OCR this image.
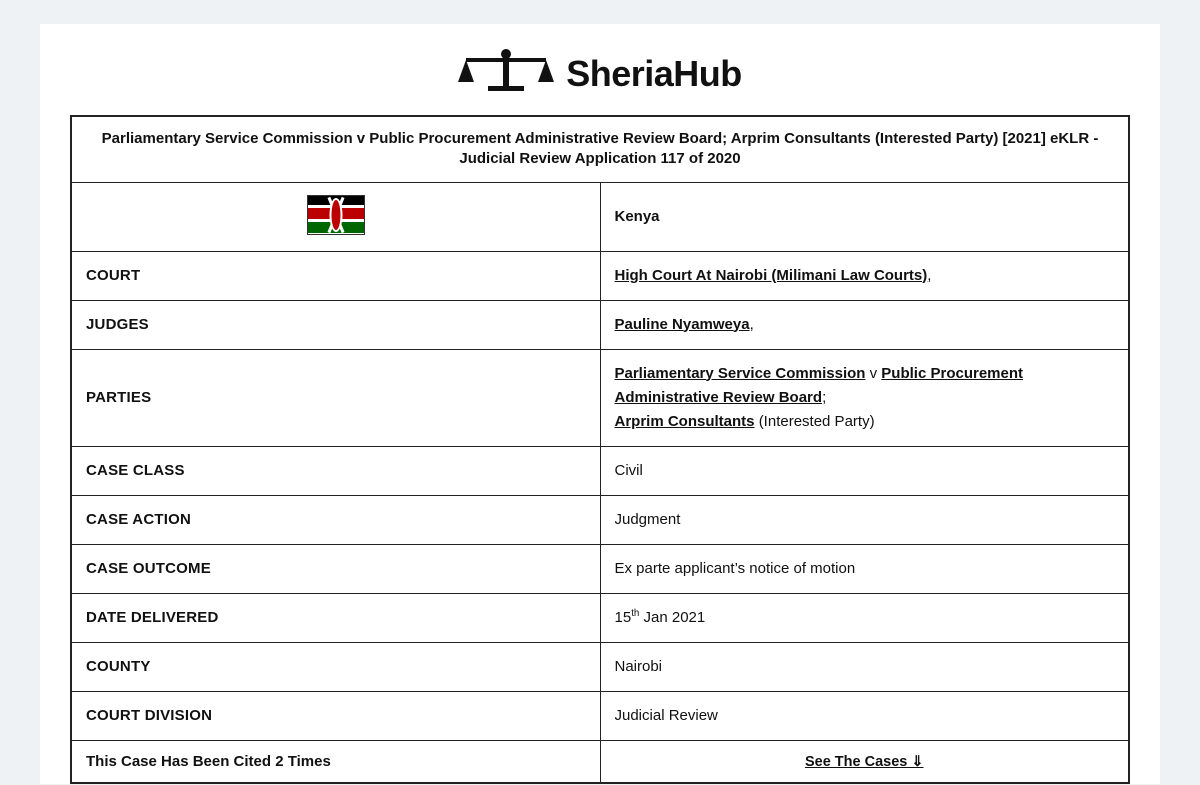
SheriaHub
Parliamentary Service Commission v Public Procurement Administrative Review Board; Arprim Consultants (Interested Party) [2021] eKLR - Judicial Review Application 117 of 2020	

	Kenya
COURT	High Court At Nairobi (Milimani Law Courts),
JUDGES	Pauline Nyamweya,
PARTIES	Parliamentary Service Commission v Public Procurement Administrative Review Board;
Arprim Consultants (Interested Party)
CASE CLASS	Civil
CASE ACTION	Judgment
CASE OUTCOME	Ex parte applicant’s notice of motion
DATE DELIVERED	15th Jan 2021
COUNTY	Nairobi
COURT DIVISION	Judicial Review
This Case Has Been Cited 2 Times	See The Cases ⇓
